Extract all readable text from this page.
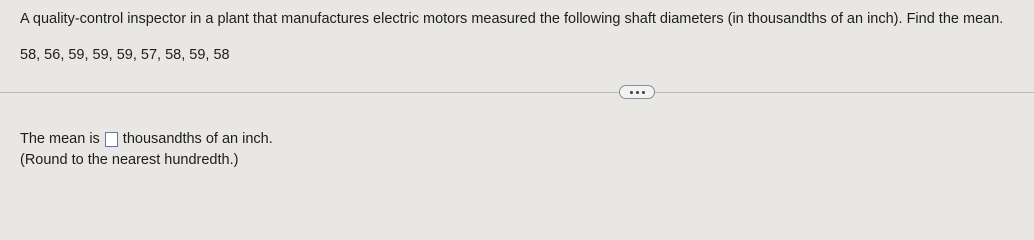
A quality-control inspector in a plant that manufactures electric motors measured the following shaft diameters (in thousandths of an inch). Find the mean.
58, 56, 59, 59, 59, 57, 58, 59, 58
The mean is thousandths of an inch.
(Round to the nearest hundredth.)
